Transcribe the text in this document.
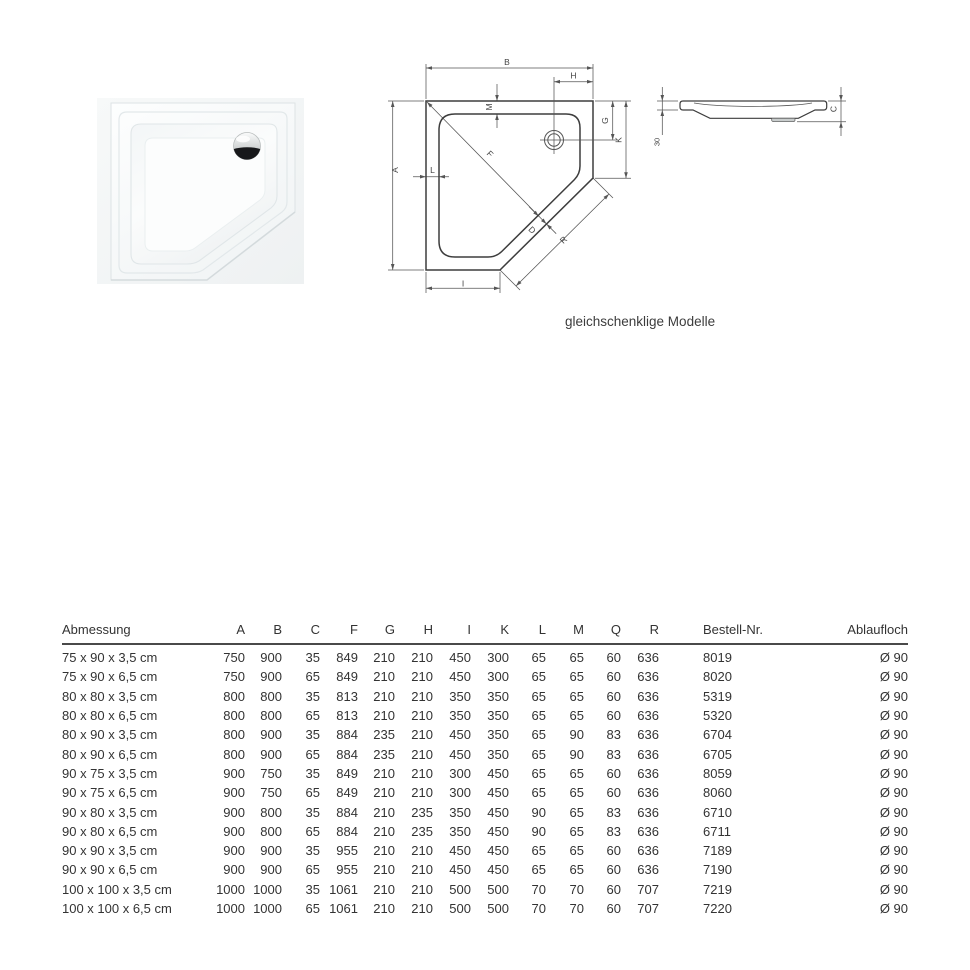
B
H
A
M
G
K
L
I
F
D
R
30
C
gleichschenklige Modelle
Abmessung	A	B	C	F	G	H	I	K	L	M	Q	R	Bestell-Nr.	Ablaufloch
75 x 90 x 3,5 cm	750	900	35	849	210	210	450	300	65	65	60	636	8019	Ø 90
75 x 90 x 6,5 cm	750	900	65	849	210	210	450	300	65	65	60	636	8020	Ø 90
80 x 80 x 3,5 cm	800	800	35	813	210	210	350	350	65	65	60	636	5319	Ø 90
80 x 80 x 6,5 cm	800	800	65	813	210	210	350	350	65	65	60	636	5320	Ø 90
80 x 90 x 3,5 cm	800	900	35	884	235	210	450	350	65	90	83	636	6704	Ø 90
80 x 90 x 6,5 cm	800	900	65	884	235	210	450	350	65	90	83	636	6705	Ø 90
90 x 75 x 3,5 cm	900	750	35	849	210	210	300	450	65	65	60	636	8059	Ø 90
90 x 75 x 6,5 cm	900	750	65	849	210	210	300	450	65	65	60	636	8060	Ø 90
90 x 80 x 3,5 cm	900	800	35	884	210	235	350	450	90	65	83	636	6710	Ø 90
90 x 80 x 6,5 cm	900	800	65	884	210	235	350	450	90	65	83	636	6711	Ø 90
90 x 90 x 3,5 cm	900	900	35	955	210	210	450	450	65	65	60	636	7189	Ø 90
90 x 90 x 6,5 cm	900	900	65	955	210	210	450	450	65	65	60	636	7190	Ø 90
100 x 100 x 3,5 cm	1000	1000	35	1061	210	210	500	500	70	70	60	707	7219	Ø 90
100 x 100 x 6,5 cm	1000	1000	65	1061	210	210	500	500	70	70	60	707	7220	Ø 90
